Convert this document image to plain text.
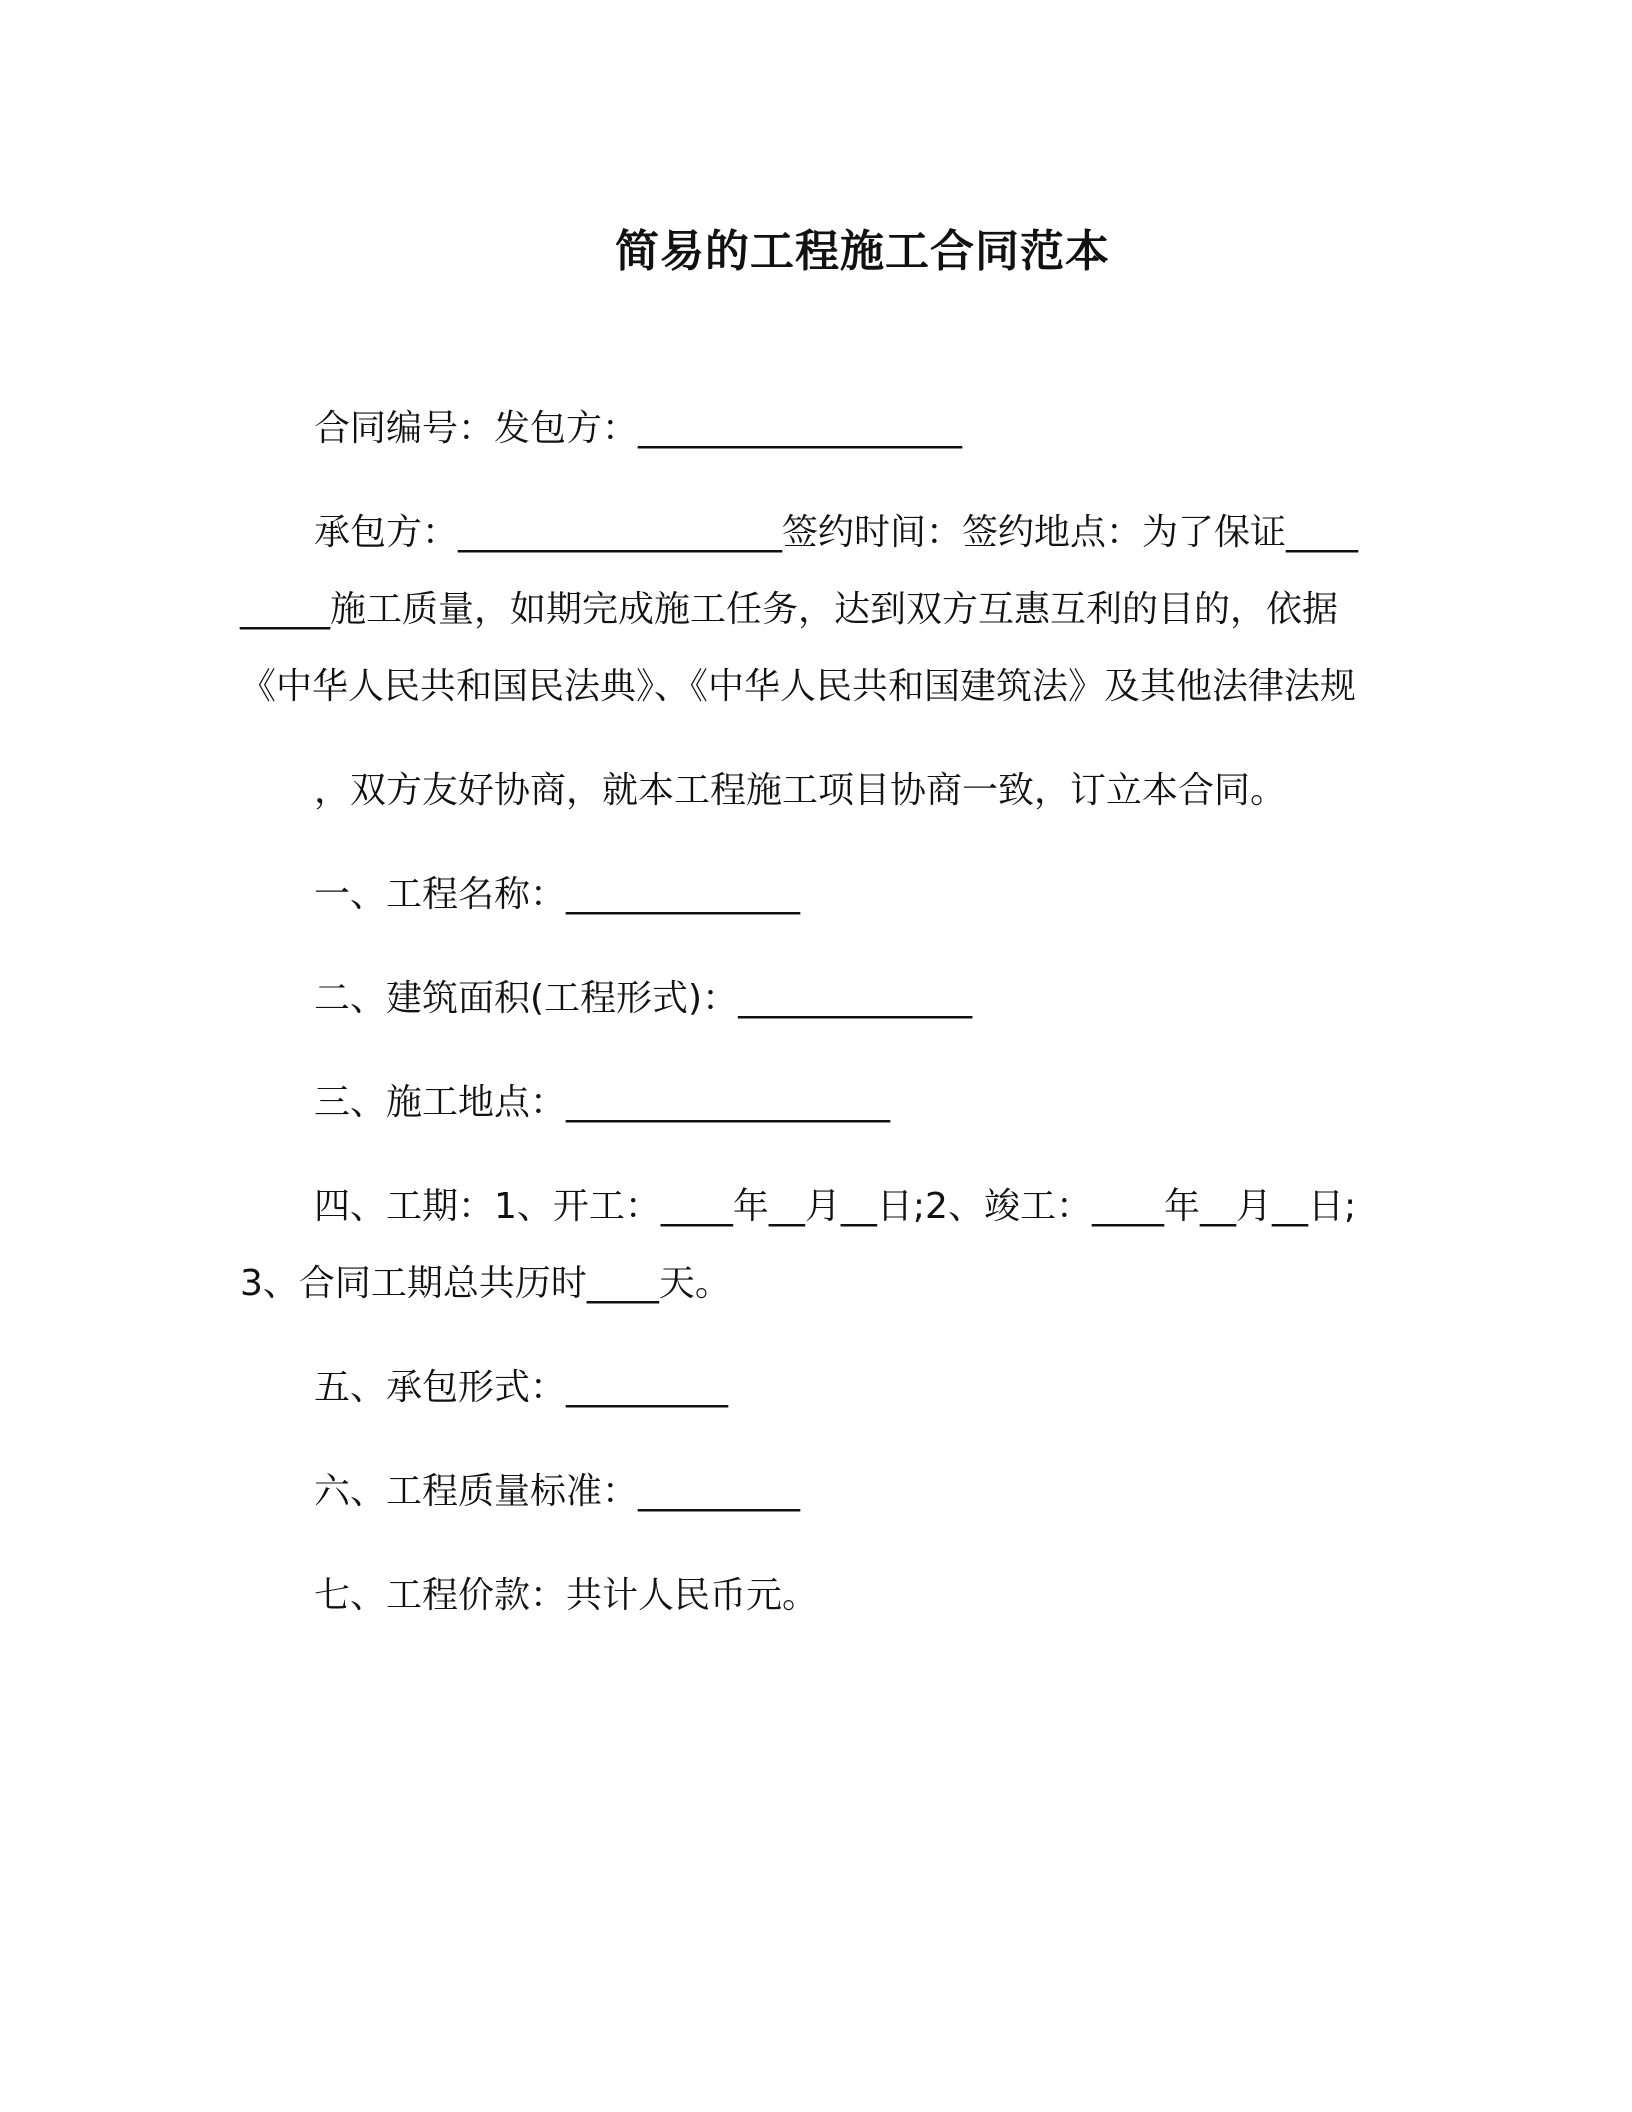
简易的工程施工合同范本

合同编号：发包方：__________________

承包方：__________________签约时间：签约地点：为了保证_________施工质量，如期完成施工任务，达到双方互惠互利的目的，依据《中华人民共和国民法典》、《中华人民共和国建筑法》及其他法律法规

，双方友好协商，就本工程施工项目协商一致，订立本合同。

一、工程名称：_____________

二、建筑面积(工程形式)：_____________

三、施工地点：__________________

四、工期：1、开工：____年__月__日;2、竣工：____年__月__日;3、合同工期总共历时____天。

五、承包形式：_________

六、工程质量标准：_________

七、工程价款：共计人民币元。
